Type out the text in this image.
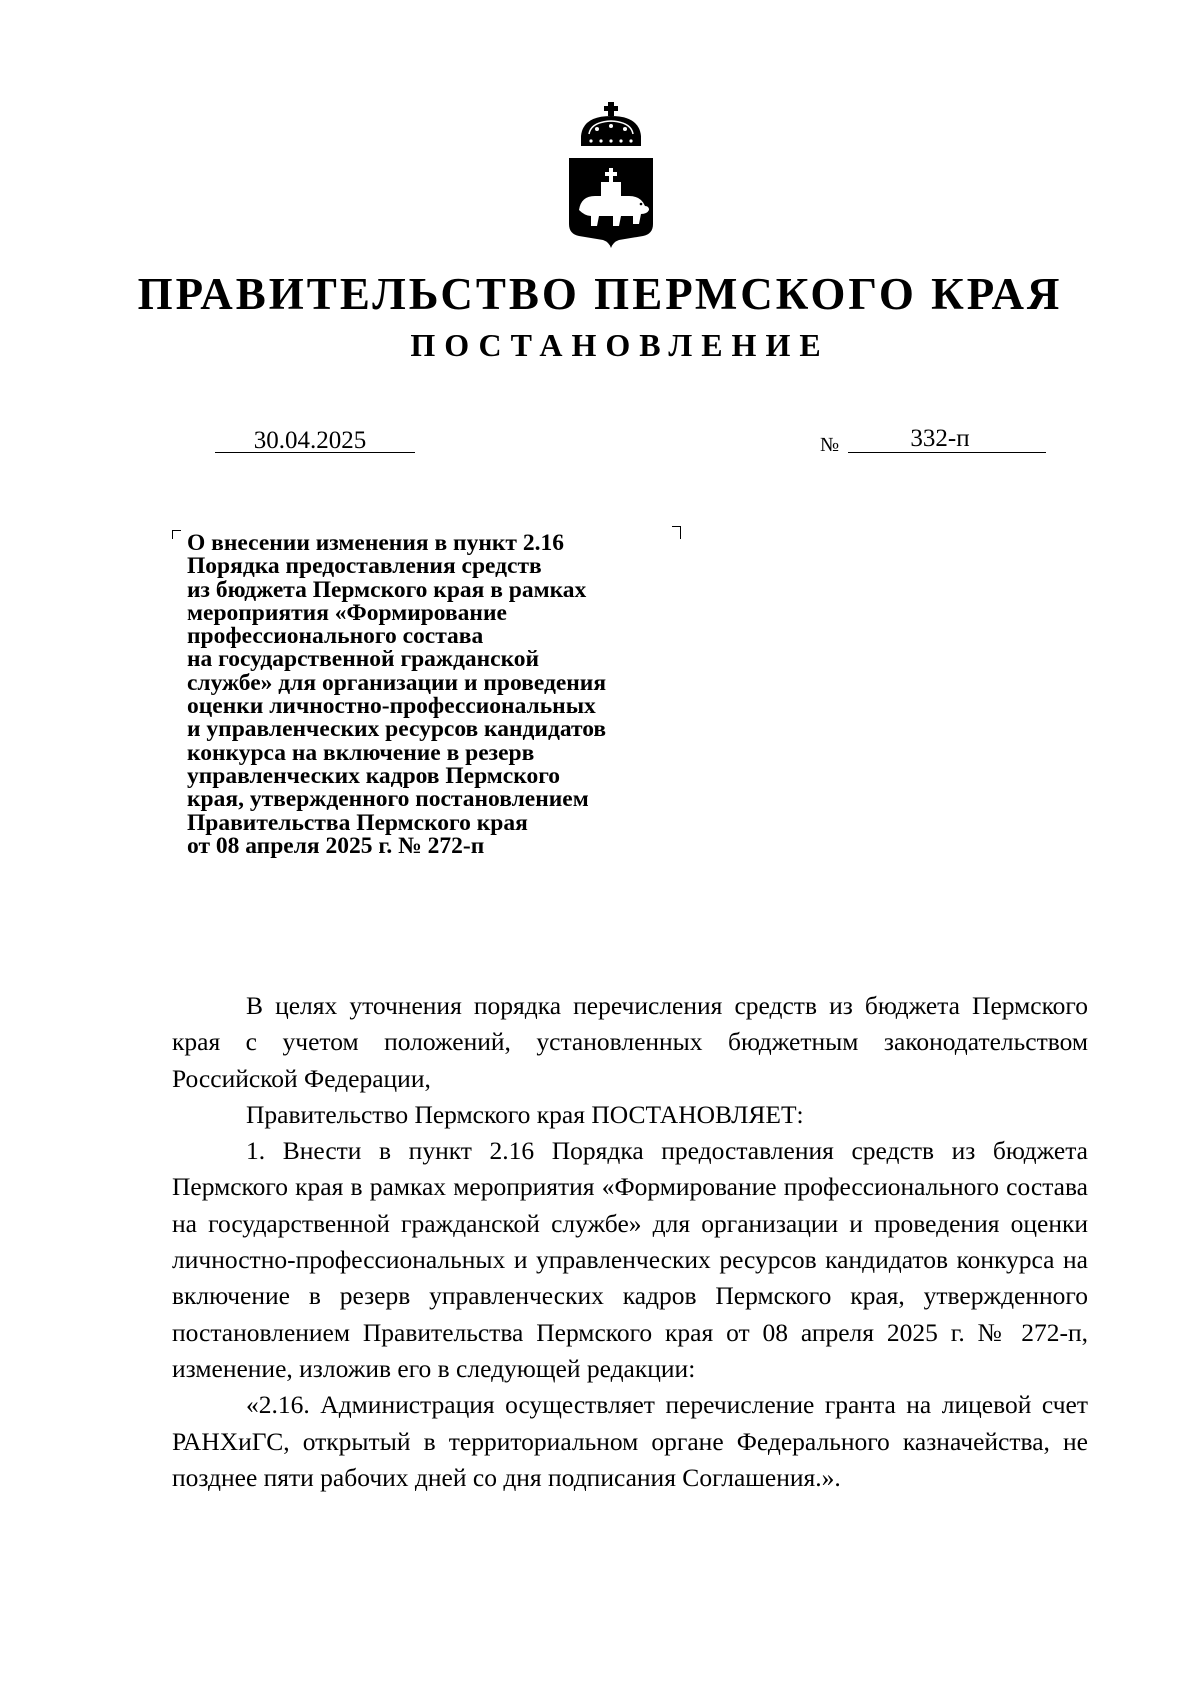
ПРАВИТЕЛЬСТВО ПЕРМСКОГО КРАЯ
ПОСТАНОВЛЕНИЕ
30.04.2025	№	332-п
О внесении изменения в пункт 2.16
Порядка предоставления средств
из бюджета Пермского края в рамках
мероприятия «Формирование
профессионального состава
на государственной гражданской
службе» для организации и проведения
оценки личностно-профессиональных
и управленческих ресурсов кандидатов
конкурса на включение в резерв
управленческих кадров Пермского
края, утвержденного постановлением
Правительства Пермского края
от 08 апреля 2025 г. № 272-п

В целях уточнения порядка перечисления средств из бюджета Пермского края с учетом положений, установленных бюджетным законодательством Российской Федерации,

Правительство Пермского края ПОСТАНОВЛЯЕТ:

1. Внести в пункт 2.16 Порядка предоставления средств из бюджета Пермского края в рамках мероприятия «Формирование профессионального состава на государственной гражданской службе» для организации и проведения оценки личностно-профессиональных и управленческих ресурсов кандидатов конкурса на включение в резерв управленческих кадров Пермского края, утвержденного постановлением Правительства Пермского края от 08 апреля 2025 г. № 272-п, изменение, изложив его в следующей редакции:

«2.16. Администрация осуществляет перечисление гранта на лицевой счет РАНХиГС, открытый в территориальном органе Федерального казначейства, не позднее пяти рабочих дней со дня подписания Соглашения.».
